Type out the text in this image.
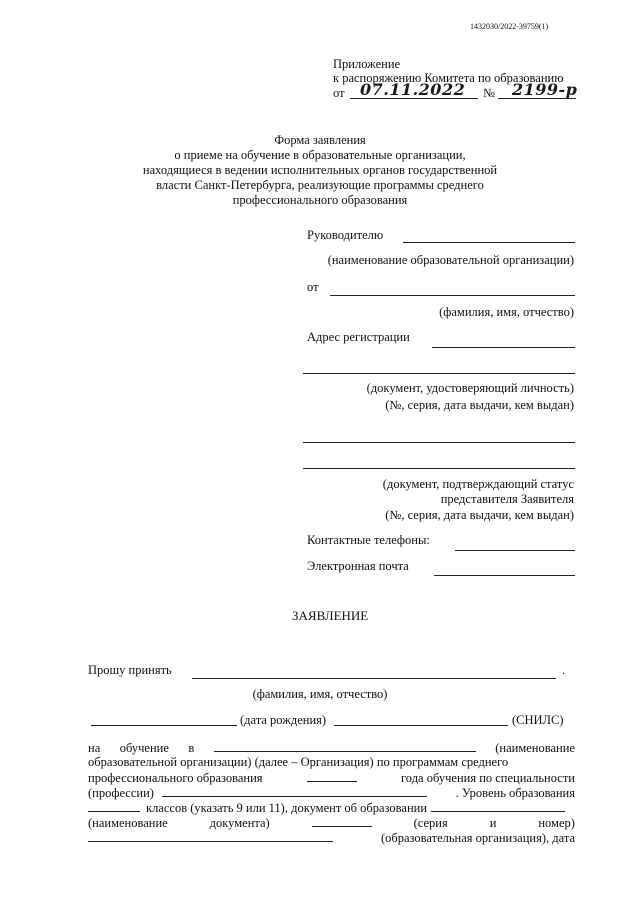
1432030/2022-39759(1)
Приложение
к распоряжению Комитета по образованию
от 07.11.2022 № 2199-р
Форма заявления
о приеме на обучение в образовательные организации,
находящиеся в ведении исполнительных органов государственной
власти Санкт-Петербурга, реализующие программы среднего
профессионального образования
Руководителю
(наименование образовательной организации)
от
(фамилия, имя, отчество)
Адрес регистрации
(документ, удостоверяющий личность)
(№, серия, дата выдачи, кем выдан)
(документ, подтверждающий статус
представителя Заявителя
(№, серия, дата выдачи, кем выдан)
Контактные телефоны:
Электронная почта
ЗАЯВЛЕНИЕ
Прошу принять	.
(фамилия, имя, отчество)
(дата рождения)	(СНИЛС)
на обучение в	(наименование
образовательной организации) (далее – Организация) по программам среднего
профессионального образования	года обучения по специальности
(профессии)	. Уровень образования
классов (указать 9 или 11), документ об образовании
(наименование	документа)	(серия	и	номер)
(образовательная организация), дата
